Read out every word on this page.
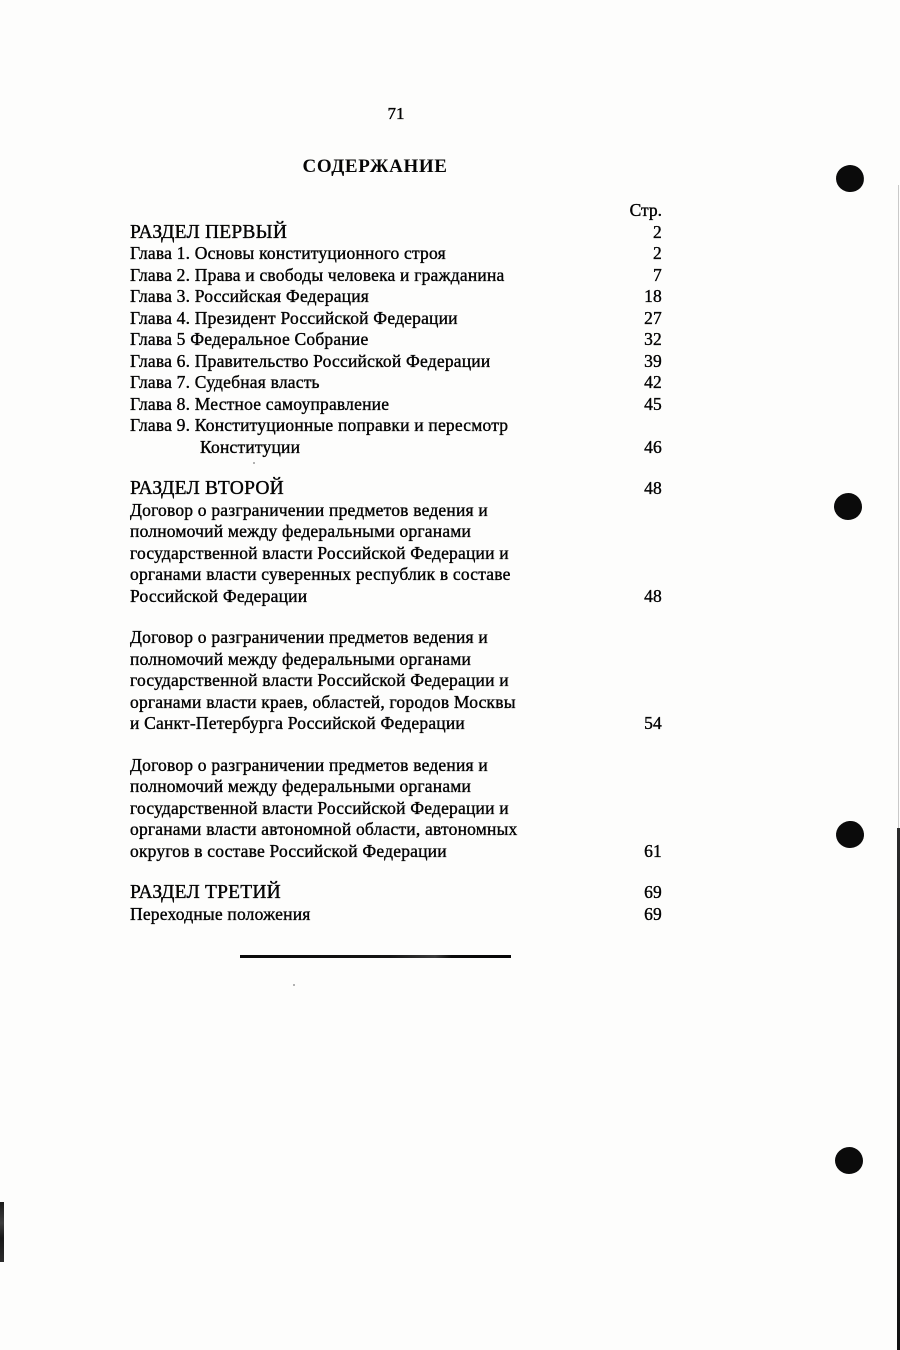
71
СОДЕРЖАНИЕ
Стр.
РАЗДЕЛ ПЕРВЫЙ	2
Глава 1. Основы конституционного строя	2
Глава 2. Права и свободы человека и гражданина	7
Глава 3. Российская Федерация	18
Глава 4. Президент Российской Федерации	27
Глава 5 Федеральное Собрание	32
Глава 6. Правительство Российской Федерации	39
Глава 7. Судебная власть	42
Глава 8. Местное самоуправление	45
Глава 9. Конституционные поправки и пересмотр
Конституции	46
РАЗДЕЛ ВТОРОЙ	48
Договор о разграничении предметов ведения и
полномочий между федеральными органами
государственной власти Российской Федерации и
органами власти суверенных республик в составе
Российской Федерации	48
Договор о разграничении предметов ведения и
полномочий между федеральными органами
государственной власти Российской Федерации и
органами власти краев, областей, городов Москвы
и Санкт-Петербурга Российской Федерации	54
Договор о разграничении предметов ведения и
полномочий между федеральными органами
государственной власти Российской Федерации и
органами власти автономной области, автономных
округов в составе Российской Федерации	61
РАЗДЕЛ ТРЕТИЙ	69
Переходные положения	69
